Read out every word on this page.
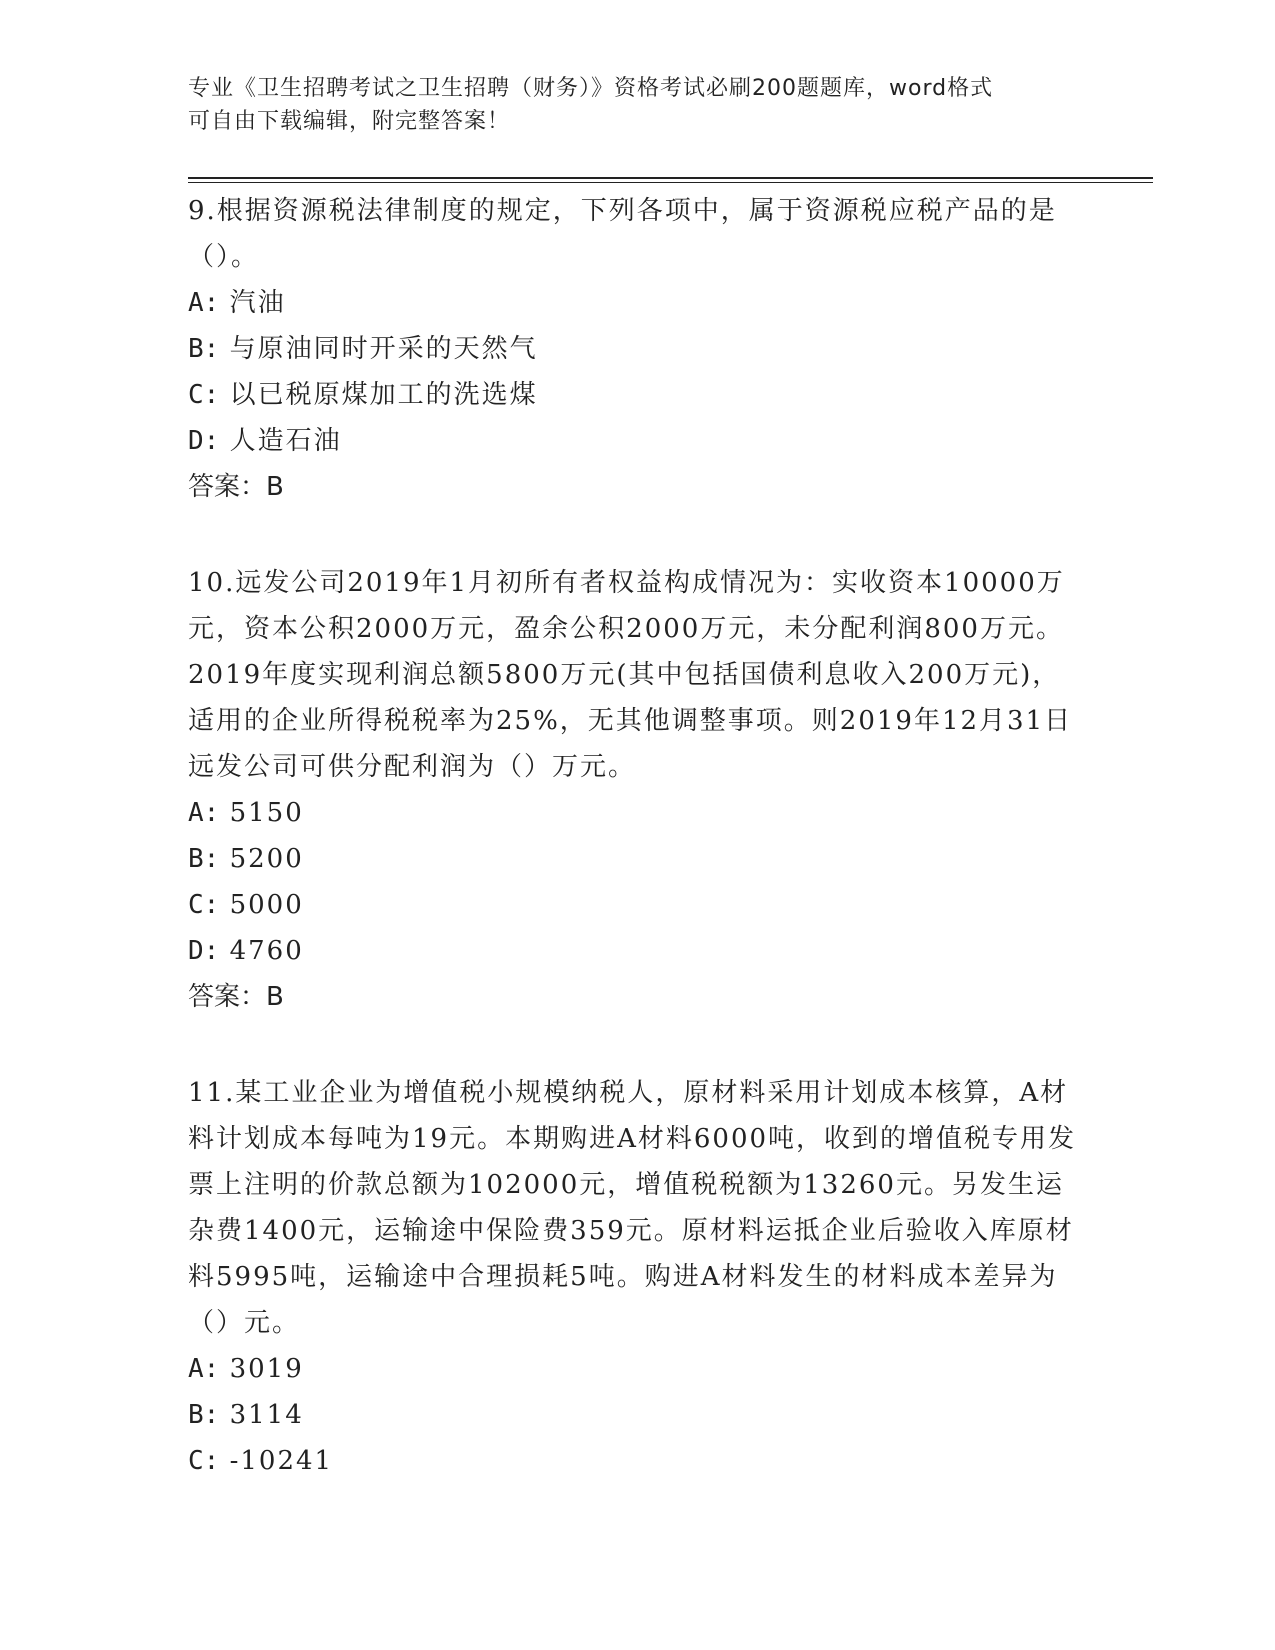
专业《卫生招聘考试之卫生招聘（财务）》资格考试必刷200题题库，word格式
可自由下载编辑，附完整答案！

9.根据资源税法律制度的规定，下列各项中，属于资源税应税产品的是（）。

A: 汽油

B: 与原油同时开采的天然气

C: 以已税原煤加工的洗选煤

D: 人造石油

答案：B

10.远发公司2019年1月初所有者权益构成情况为：实收资本10000万元，资本公积2000万元，盈余公积2000万元，未分配利润800万元。2019年度实现利润总额5800万元(其中包括国债利息收入200万元)，适用的企业所得税税率为25%，无其他调整事项。则2019年12月31日远发公司可供分配利润为（）万元。

A: 5150

B: 5200

C: 5000

D: 4760

答案：B

11.某工业企业为增值税小规模纳税人，原材料采用计划成本核算，A材料计划成本每吨为19元。本期购进A材料6000吨，收到的增值税专用发票上注明的价款总额为102000元，增值税税额为13260元。另发生运杂费1400元，运输途中保险费359元。原材料运抵企业后验收入库原材料5995吨，运输途中合理损耗5吨。购进A材料发生的材料成本差异为（）元。

A: 3019

B: 3114

C: -10241
